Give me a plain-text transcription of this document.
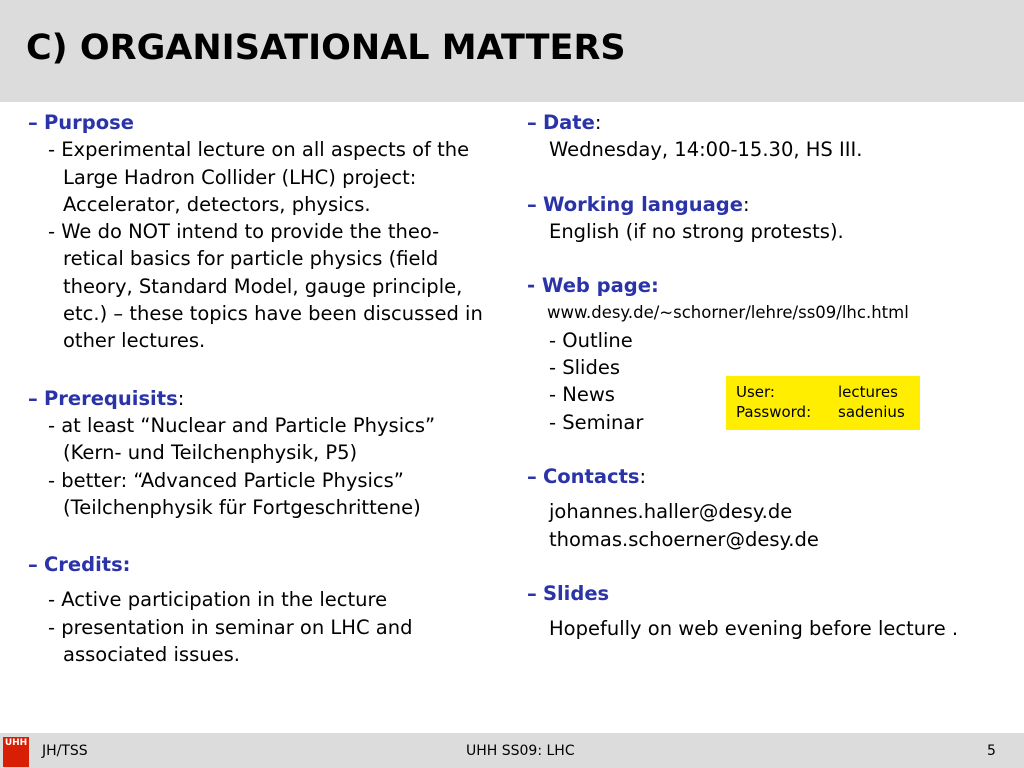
C) ORGANISATIONAL MATTERS
– Purpose
- Experimental lecture on all aspects of the
Large Hadron Collider (LHC) project:
Accelerator, detectors, physics.
- We do NOT intend to provide the theo-
retical basics for particle physics (field
theory, Standard Model, gauge principle,
etc.) – these topics have been discussed in
other lectures.
– Prerequisits:
- at least “Nuclear and Particle Physics”
(Kern- und Teilchenphysik, P5)
- better: “Advanced Particle Physics”
(Teilchenphysik für Fortgeschrittene)
– Credits:
- Active participation in the lecture
- presentation in seminar on LHC and
associated issues.
– Date:
Wednesday, 14:00-15.30, HS III.
– Working language:
English (if no strong protests).
- Web page:
www.desy.de/~schorner/lehre/ss09/lhc.html
- Outline
- Slides
- News
- Seminar
– Contacts:
johannes.haller@desy.de
thomas.schoerner@desy.de
– Slides
Hopefully on web evening before lecture .
User:	lectures
Password:	sadenius
JH/TSS	UHH SS09: LHC	5
UHH
